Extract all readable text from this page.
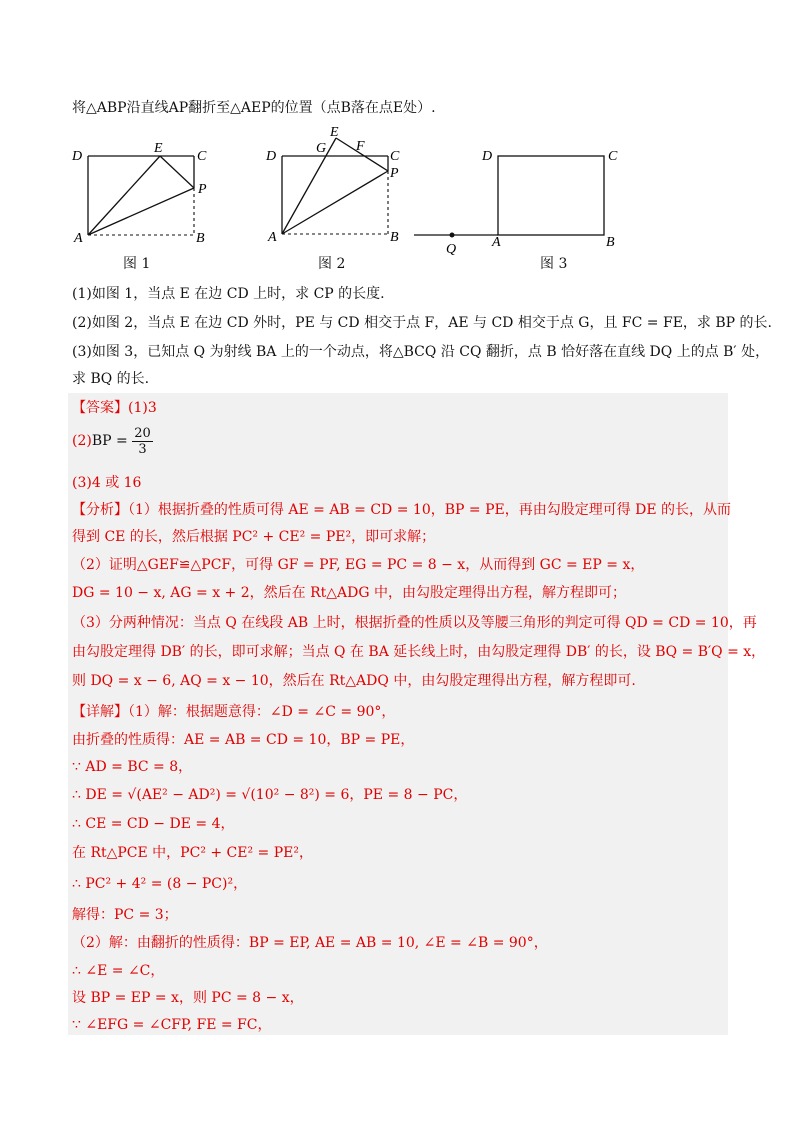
将△ABP沿直线AP翻折至△AEP的位置（点B落在点E处）.
D
E
C
P
A	B
图 1
G
E
F
D	C
P
A	B
图 2
D	C
Q	A	B
图 3
(1)如图 1，当点 E 在边 CD 上时，求 CP 的长度.
(2)如图 2，当点 E 在边 CD 外时，PE 与 CD 相交于点 F，AE 与 CD 相交于点 G，且 FC = FE，求 BP 的长.
(3)如图 3，已知点 Q 为射线 BA 上的一个动点，将△BCQ 沿 CQ 翻折，点 B 恰好落在直线 DQ 上的点 B′ 处，
求 BQ 的长.
【答案】(1)3
$(2)BP = \frac{20}{3}$
(3)4 或 16
【分析】（1）根据折叠的性质可得 AE = AB = CD = 10，BP = PE，再由勾股定理可得 DE 的长，从而
得到 CE 的长，然后根据 PC² + CE² = PE²，即可求解；
（2）证明△GEF≌△PCF，可得 GF = PF, EG = PC = 8 − x，从而得到 GC = EP = x，
DG = 10 − x, AG = x + 2，然后在 Rt△ADG 中，由勾股定理得出方程，解方程即可；
（3）分两种情况：当点 Q 在线段 AB 上时，根据折叠的性质以及等腰三角形的判定可得 QD = CD = 10，再
由勾股定理得 DB′ 的长，即可求解；当点 Q 在 BA 延长线上时，由勾股定理得 DB′ 的长，设 BQ = B′Q = x，
则 DQ = x − 6, AQ = x − 10，然后在 Rt△ADQ 中，由勾股定理得出方程，解方程即可.
【详解】（1）解：根据题意得：∠D = ∠C = 90°，
由折叠的性质得：AE = AB = CD = 10，BP = PE，
∵ AD = BC = 8，
∴ DE = √(AE² − AD²) = √(10² − 8²) = 6，PE = 8 − PC，
∴ CE = CD − DE = 4，
在 Rt△PCE 中，PC² + CE² = PE²，
∴ PC² + 4² = (8 − PC)²，
解得：PC = 3；
（2）解：由翻折的性质得：BP = EP, AE = AB = 10, ∠E = ∠B = 90°，
∴ ∠E = ∠C，
设 BP = EP = x，则 PC = 8 − x，
∵ ∠EFG = ∠CFP, FE = FC，
